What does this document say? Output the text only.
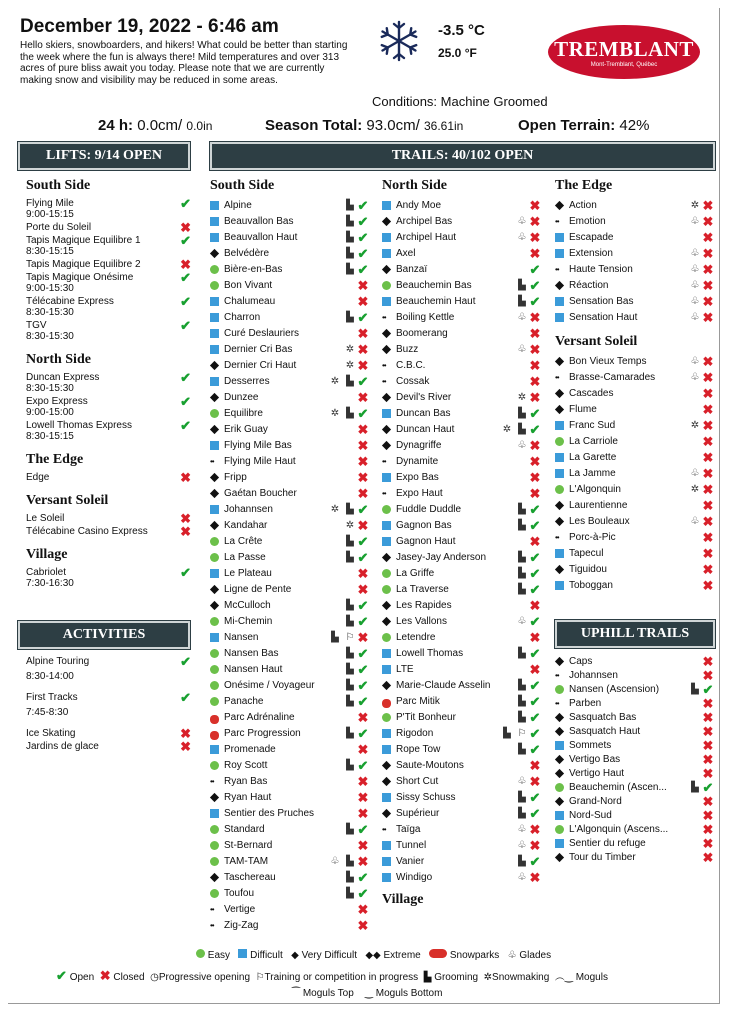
December 19, 2022 - 6:46 am
Hello skiers, snowboarders, and hikers! What could be better than starting the week where the fun is always there! Mild temperatures and over 313 acres of pure bliss await you today. Please note that we are currently making snow and visibility may be reduced in some areas.
-3.5 °C
25.0 °F	TREMBLANT
Mont-Tremblant, Québec
Conditions: Machine Groomed
24 h: 0.0cm/ 0.0in	Season Total: 93.0cm/ 36.61in	Open Terrain: 42%
LIFTS: 9/14 OPEN	TRAILS: 40/102 OPEN
ACTIVITIES	UPHILL TRAILS
South Side
Flying Mile
9:00-15:15
✔
Porte du Soleil	✖
Tapis Magique Equilibre 1
8:30-15:15
✔
Tapis Magique Equilibre 2	✖
Tapis Magique Onésime
9:00-15:30
✔
Télécabine Express
8:30-15:30
✔
TGV
8:30-15:30
✔
North Side
Duncan Express
8:30-15:30
✔
Expo Express
9:00-15:00
✔
Lowell Thomas Express
8:30-15:15
✔
The Edge
Edge	✖
Versant Soleil
Le Soleil	✖
Télécabine Casino Express	✖
Village
Cabriolet
7:30-16:30
✔
Alpine Touring
8:30-14:00
✔
First Tracks
7:45-8:30
✔
Ice Skating	✖
Jardins de glace	✖
South Side
Alpine	▙ ✔
Beauvallon Bas	▙ ✔
Beauvallon Haut	▙ ✔
Belvédère	▙ ✔
Bière-en-Bas	▙ ✔
Bon Vivant	✖
Chalumeau	✖
Charron	▙ ✔
Curé Deslauriers	✖
Dernier Cri Bas	✲ ✖
Dernier Cri Haut	✲ ✖
Desserres	✲ ▙ ✔
Dunzee	✖
Equilibre	✲ ▙ ✔
Erik Guay	✖
Flying Mile Bas	✖
••	Flying Mile Haut	✖
Fripp	✖
Gaétan Boucher	✖
Johannsen	✲ ▙ ✔
Kandahar	✲ ✖
La Crête	▙ ✔
La Passe	▙ ✔
Le Plateau	✖
Ligne de Pente	✖
McCulloch	▙ ✔
Mi-Chemin	▙ ✔
Nansen	▙ ⚐ ✖
Nansen Bas	▙ ✔
Nansen Haut	▙ ✔
Onésime / Voyageur	▙ ✔
Panache	▙ ✔
Parc Adrénaline	✖
Parc Progression	▙ ✔
Promenade	✖
Roy Scott	▙ ✔
••	Ryan Bas	✖
Ryan Haut	✖
Sentier des Pruches	✖
Standard	▙ ✔
St-Bernard	✖
TAM-TAM	♧ ▙ ✖
Taschereau	▙ ✔
Toufou	▙ ✔
••	Vertige	✖
••	Zig-Zag	✖
North Side
Andy Moe	✖
Archipel Bas	♧ ✖
Archipel Haut	♧ ✖
Axel	✖
Banzaï	✔
Beauchemin Bas	▙ ✔
Beauchemin Haut	▙ ✔
••	Boiling Kettle	♧ ✖
Boomerang	✖
Buzz	♧ ✖
••	C.B.C.	✖
••	Cossak	✖
Devil's River	✲ ✖
Duncan Bas	▙ ✔
Duncan Haut	✲ ▙ ✔
Dynagriffe	♧ ✖
••	Dynamite	✖
Expo Bas	✖
••	Expo Haut	✖
Fuddle Duddle	▙ ✔
Gagnon Bas	▙ ✔
Gagnon Haut	✖
Jasey-Jay Anderson	▙ ✔
La Griffe	▙ ✔
La Traverse	▙ ✔
Les Rapides	✖
Les Vallons	♧ ✔
Letendre	✖
Lowell Thomas	▙ ✔
LTE	✖
Marie-Claude Asselin	▙ ✔
Parc Mitik	▙ ✔
P'Tit Bonheur	▙ ✔
Rigodon	▙ ⚐ ✔
Rope Tow	▙ ✔
Saute-Moutons	✖
Short Cut	♧ ✖
Sissy Schuss	▙ ✔
Supérieur	▙ ✔
••	Taïga	♧ ✖
Tunnel	♧ ✖
Vanier	▙ ✔
Windigo	♧ ✖
Village
The Edge
Action	✲ ✖
••	Emotion	♧ ✖
Escapade	✖
Extension	♧ ✖
••	Haute Tension	♧ ✖
Réaction	♧ ✖
Sensation Bas	♧ ✖
Sensation Haut	♧ ✖
Versant Soleil
Bon Vieux Temps	♧ ✖
••	Brasse-Camarades	♧ ✖
Cascades	✖
Flume	✖
Franc Sud	✲ ✖
La Carriole	✖
La Garette	✖
La Jamme	♧ ✖
L'Algonquin	✲ ✖
Laurentienne	✖
Les Bouleaux	♧ ✖
••	Porc-à-Pic	✖
Tapecul	✖
Tiguidou	✖
Toboggan	✖
Caps	✖
••	Johannsen	✖
Nansen (Ascension)	▙ ✔
••	Parben	✖
Sasquatch Bas	✖
Sasquatch Haut	✖
Sommets	✖
Vertigo Bas	✖
Vertigo Haut	✖
Beauchemin (Ascen...	▙ ✔
Grand-Nord	✖
Nord-Sud	✖
L'Algonquin (Ascens...	✖
Sentier du refuge	✖
Tour du Timber	✖
Easy Difficult ◆ Very Difficult ◆◆ Extreme	Snowparks ♧ Glades
✔ Open ✖ Closed ◷Progressive opening ⚐Training or competition in progress ▙ Grooming ✲Snowmaking ︵‿ Moguls
⁀ Moguls Top ‿ Moguls Bottom
